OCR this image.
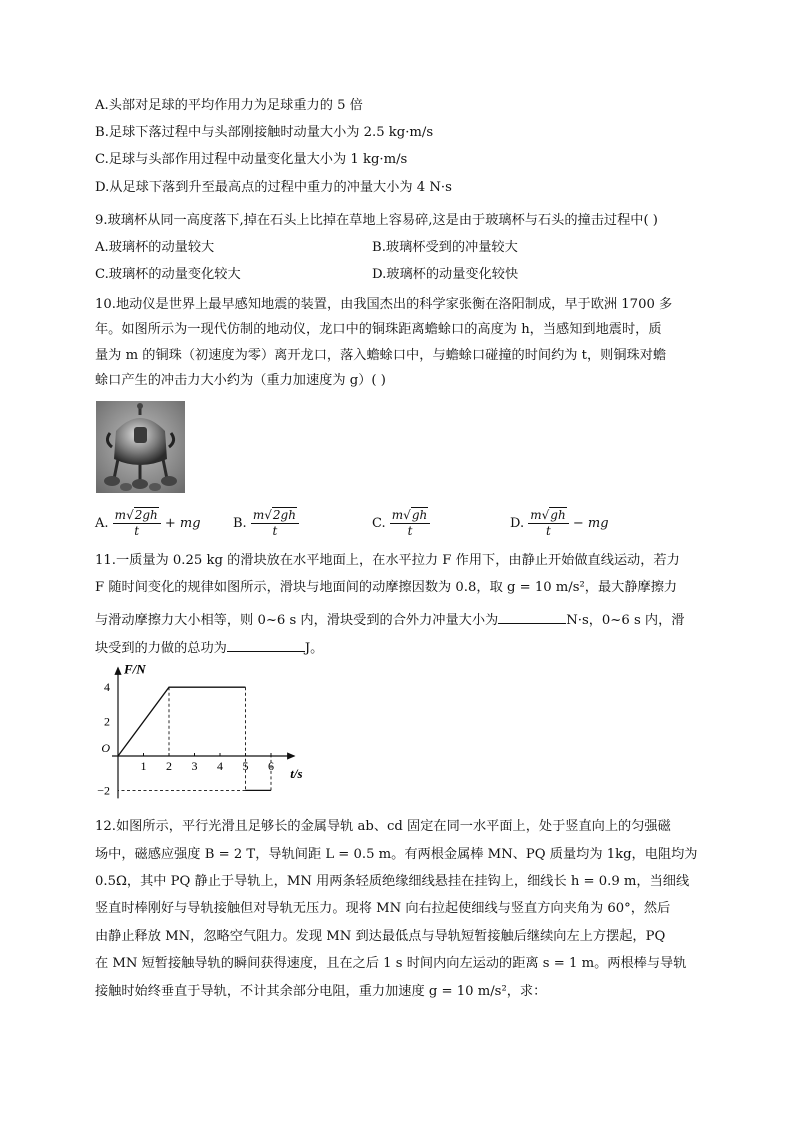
A.头部对足球的平均作用力为足球重力的 5 倍
B.足球下落过程中与头部刚接触时动量大小为 2.5 kg·m/s
C.足球与头部作用过程中动量变化量大小为 1 kg·m/s
D.从足球下落到升至最高点的过程中重力的冲量大小为 4 N·s
9.玻璃杯从同一高度落下,掉在石头上比掉在草地上容易碎,这是由于玻璃杯与石头的撞击过程中( )
A.玻璃杯的动量较大	B.玻璃杯受到的冲量较大
C.玻璃杯的动量变化较大	D.玻璃杯的动量变化较快
10.地动仪是世界上最早感知地震的装置，由我国杰出的科学家张衡在洛阳制成，早于欧洲 1700 多
年。如图所示为一现代仿制的地动仪，龙口中的铜珠距离蟾蜍口的高度为 h，当感知到地震时，质
量为 m 的铜珠（初速度为零）离开龙口，落入蟾蜍口中，与蟾蜍口碰撞的时间约为 t，则铜珠对蟾
蜍口产生的冲击力大小约为（重力加速度为 g）( )
A. $\frac{m√2gh}{t}$ + mg B. $\frac{m√2gh}{t}$	C. $\frac{m√gh}{t}$	D. $\frac{m√gh}{t}$ − mg
11.一质量为 0.25 kg 的滑块放在水平地面上，在水平拉力 F 作用下，由静止开始做直线运动，若力
F 随时间变化的规律如图所示，滑块与地面间的动摩擦因数为 0.8，取 g = 10 m/s²，最大静摩擦力
与滑动摩擦力大小相等，则 0~6 s 内，滑块受到的合外力冲量大小为	N·s，0~6 s 内，滑
块受到的力做的总功为	J。
F/N
t/s
1 2 3 4 5 6
4
2
O
−2
12.如图所示，平行光滑且足够长的金属导轨 ab、cd 固定在同一水平面上，处于竖直向上的匀强磁
场中，磁感应强度 B = 2 T，导轨间距 L = 0.5 m。有两根金属棒 MN、PQ 质量均为 1kg，电阻均为
0.5Ω，其中 PQ 静止于导轨上，MN 用两条轻质绝缘细线悬挂在挂钩上，细线长 h = 0.9 m，当细线
竖直时棒刚好与导轨接触但对导轨无压力。现将 MN 向右拉起使细线与竖直方向夹角为 60°，然后
由静止释放 MN，忽略空气阻力。发现 MN 到达最低点与导轨短暂接触后继续向左上方摆起，PQ
在 MN 短暂接触导轨的瞬间获得速度，且在之后 1 s 时间内向左运动的距离 s = 1 m。两根棒与导轨
接触时始终垂直于导轨，不计其余部分电阻，重力加速度 g = 10 m/s²，求：
